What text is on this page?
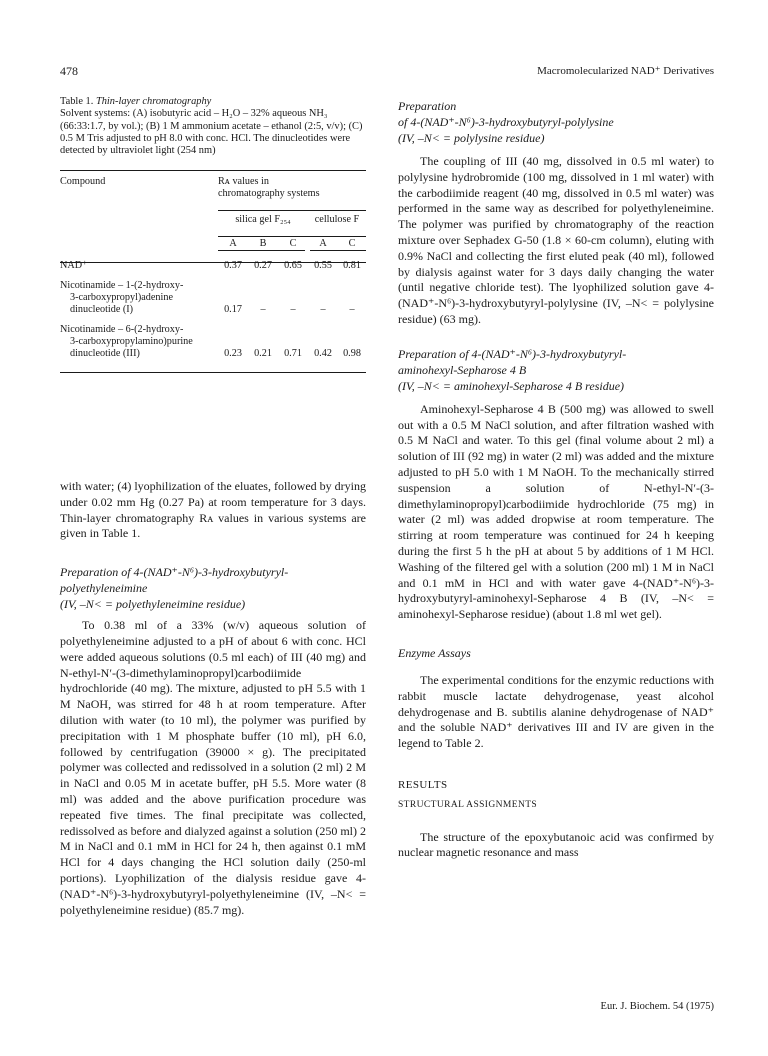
478	Macromolecularized NAD⁺ Derivatives
Table 1. Thin-layer chromatography
Solvent systems: (A) isobutyric acid – H₂O – 32% aqueous NH₃ (66:33:1.7, by vol.); (B) 1 M ammonium acetate – ethanol (2:5, v/v); (C) 0.5 M Tris adjusted to pH 8.0 with conc. HCl. The dinucleotides were detected by ultraviolet light (254 nm)
Compound	Rᴀ values in
chromatography systems				

	silica gel F₂₅₄			cellulose F	

	A	B	C	A	C

NAD⁺	0.37	0.27	0.65	0.55	0.81

Nicotinamide – 1-(2-hydroxy-
3-carboxypropyl)adenine
dinucleotide (I)	0.17	–	–	–	–

Nicotinamide – 6-(2-hydroxy-
3-carboxypropylamino)purine
dinucleotide (III)	0.23	0.21	0.71	0.42	0.98

with water; (4) lyophilization of the eluates, followed by drying under 0.02 mm Hg (0.27 Pa) at room temperature for 3 days. Thin-layer chromatography Rᴀ values in various systems are given in Table 1.

Preparation of 4-(NAD⁺-N⁶)-3-hydroxybutyryl-
polyethyleneimine
(IV, –N< = polyethyleneimine residue)

To 0.38 ml of a 33% (w/v) aqueous solution of polyethyleneimine adjusted to a pH of about 6 with conc. HCl were added aqueous solutions (0.5 ml each) of III (40 mg) and N-ethyl-N′-(3-dimethylaminopropyl)carbodiimide hydrochloride (40 mg). The mixture, adjusted to pH 5.5 with 1 M NaOH, was stirred for 48 h at room temperature. After dilution with water (to 10 ml), the polymer was purified by precipitation with 1 M phosphate buffer (10 ml), pH 6.0, followed by centrifugation (39000 × g). The precipitated polymer was collected and redissolved in a solution (2 ml) 2 M in NaCl and 0.05 M in acetate buffer, pH 5.5. More water (8 ml) was added and the above purification procedure was repeated five times. The final precipitate was collected, redissolved as before and dialyzed against a solution (250 ml) 2 M in NaCl and 0.1 mM in HCl for 24 h, then against 0.1 mM HCl for 4 days changing the HCl solution daily (250-ml portions). Lyophilization of the dialysis residue gave 4-(NAD⁺-N⁶)-3-hydroxybutyryl-polyethyleneimine (IV, –N< = polyethyleneimine residue) (85.7 mg).

Preparation
of 4-(NAD⁺-N⁶)-3-hydroxybutyryl-polylysine
(IV, –N< = polylysine residue)

The coupling of III (40 mg, dissolved in 0.5 ml water) to polylysine hydrobromide (100 mg, dissolved in 1 ml water) with the carbodiimide reagent (40 mg, dissolved in 0.5 ml water) was performed in the same way as described for polyethyleneimine. The polymer was purified by chromatography of the reaction mixture over Sephadex G-50 (1.8 × 60-cm column), eluting with 0.9% NaCl and collecting the first eluted peak (40 ml), followed by dialysis against water for 3 days daily changing the water (until negative chloride test). The lyophilized solution gave 4-(NAD⁺-N⁶)-3-hydroxybutyryl-polylysine (IV, –N< = polylysine residue) (63 mg).

Preparation of 4-(NAD⁺-N⁶)-3-hydroxybutyryl-
aminohexyl-Sepharose 4 B
(IV, –N< = aminohexyl-Sepharose 4 B residue)

Aminohexyl-Sepharose 4 B (500 mg) was allowed to swell out with a 0.5 M NaCl solution, and after filtration washed with 0.5 M NaCl and water. To this gel (final volume about 2 ml) a solution of III (92 mg) in water (2 ml) was added and the mixture adjusted to pH 5.0 with 1 M NaOH. To the mechanically stirred suspension a solution of N-ethyl-N′-(3-dimethylaminopropyl)carbodiimide hydrochloride (75 mg) in water (2 ml) was added dropwise at room temperature. The stirring at room temperature was continued for 24 h keeping during the first 5 h the pH at about 5 by additions of 1 M HCl. Washing of the filtered gel with a solution (200 ml) 1 M in NaCl and 0.1 mM in HCl and with water gave 4-(NAD⁺-N⁶)-3-hydroxybutyryl-aminohexyl-Sepharose 4 B (IV, –N< = aminohexyl-Sepharose residue) (about 1.8 ml wet gel).

Enzyme Assays

The experimental conditions for the enzymic reductions with rabbit muscle lactate dehydrogenase, yeast alcohol dehydrogenase and B. subtilis alanine dehydrogenase of NAD⁺ and the soluble NAD⁺ derivatives III and IV are given in the legend to Table 2.

RESULTS

STRUCTURAL ASSIGNMENTS

The structure of the epoxybutanoic acid was confirmed by nuclear magnetic resonance and mass

Eur. J. Biochem. 54 (1975)
